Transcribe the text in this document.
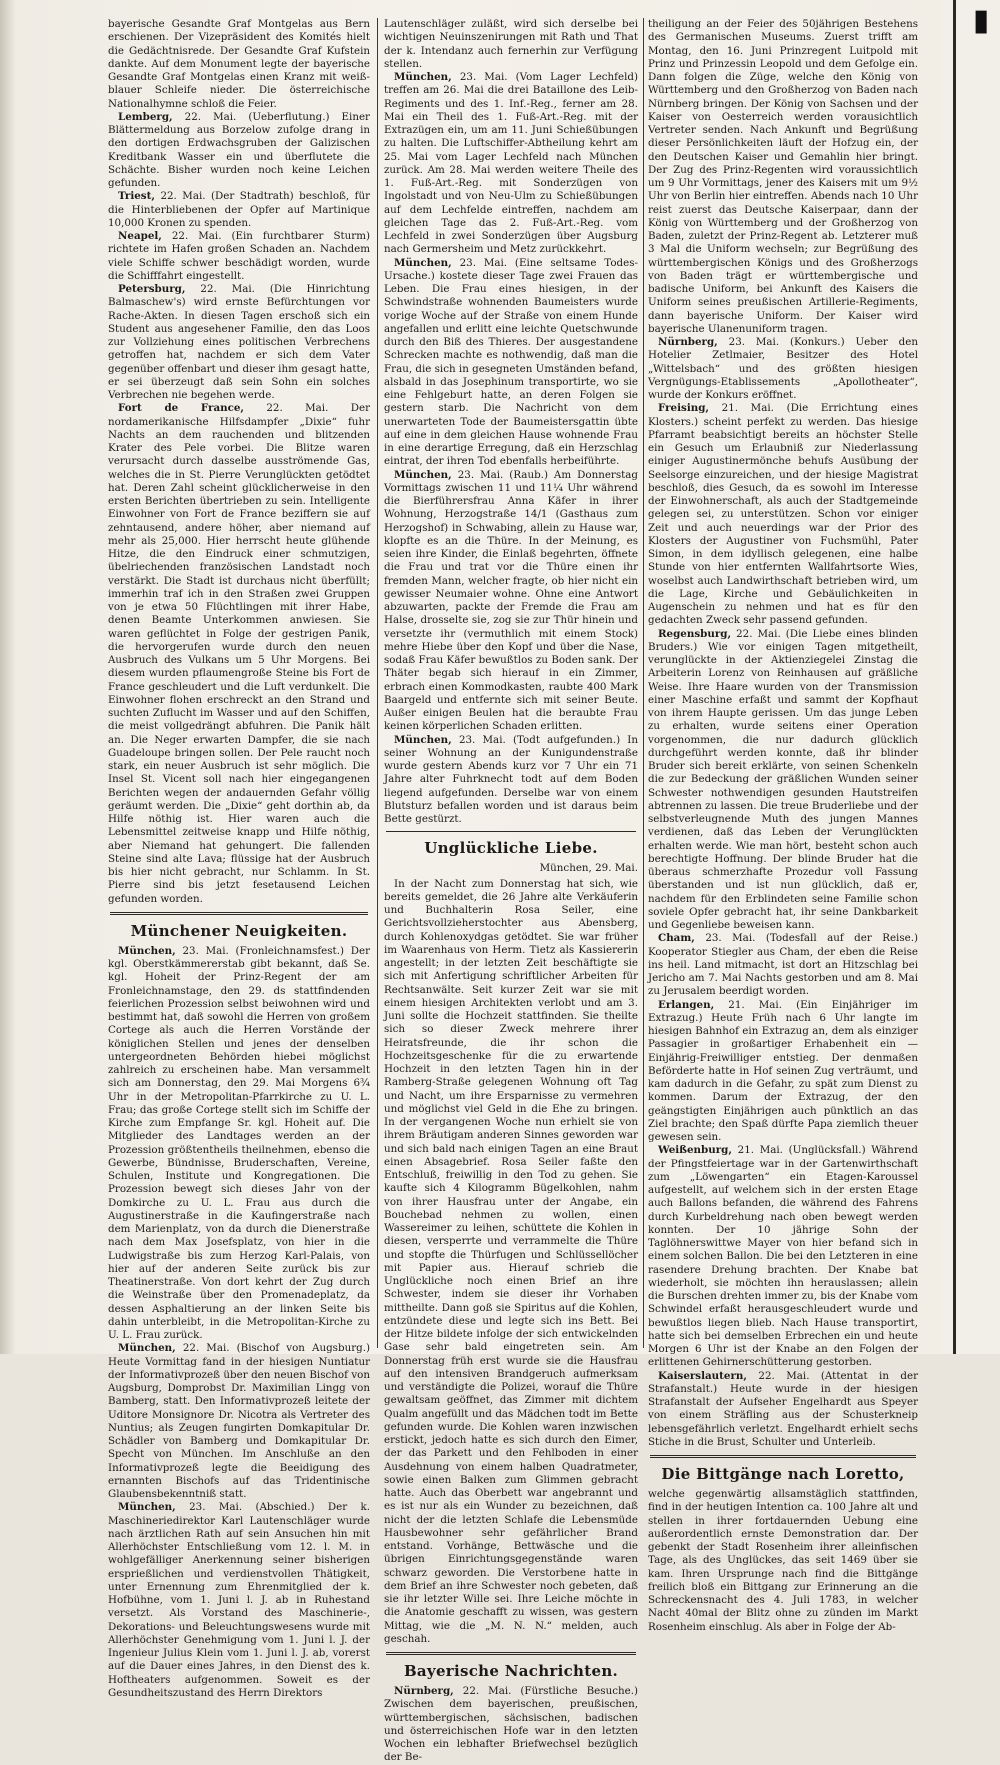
▮

bayerische Gesandte Graf Montgelas aus Bern erschienen. Der Vizepräsident des Komités hielt die Gedächtnisrede. Der Gesandte Graf Kufstein dankte. Auf dem Monument legte der bayerische Gesandte Graf Montgelas einen Kranz mit weiß-blauer Schleife nieder. Die österreichische Nationalhymne schloß die Feier.

Lemberg, 22. Mai. (Ueberflutung.) Einer Blättermeldung aus Borzelow zufolge drang in den dortigen Erdwachsgruben der Galizischen Kreditbank Wasser ein und überflutete die Schächte. Bisher wurden noch keine Leichen gefunden.

Triest, 22. Mai. (Der Stadtrath) beschloß, für die Hinterbliebenen der Opfer auf Martinique 10,000 Kronen zu spenden.

Neapel, 22. Mai. (Ein furchtbarer Sturm) richtete im Hafen großen Schaden an. Nachdem viele Schiffe schwer beschädigt worden, wurde die Schifffahrt eingestellt.

Petersburg, 22. Mai. (Die Hinrichtung Balmaschew's) wird ernste Befürchtungen vor Rache-Akten. In diesen Tagen erschoß sich ein Student aus angesehener Familie, den das Loos zur Vollziehung eines politischen Verbrechens getroffen hat, nachdem er sich dem Vater gegenüber offenbart und dieser ihm gesagt hatte, er sei überzeugt daß sein Sohn ein solches Verbrechen nie begehen werde.

Fort de France, 22. Mai. Der nordamerikanische Hilfsdampfer „Dixie“ fuhr Nachts an dem rauchenden und blitzenden Krater des Pele vorbei. Die Blitze waren verursacht durch dasselbe ausströmende Gas, welches die in St. Pierre Verunglückten getödtet hat. Deren Zahl scheint glücklicherweise in den ersten Berichten übertrieben zu sein. Intelligente Einwohner von Fort de France beziffern sie auf zehntausend, andere höher, aber niemand auf mehr als 25,000. Hier herrscht heute glühende Hitze, die den Eindruck einer schmutzigen, übelriechenden französischen Landstadt noch verstärkt. Die Stadt ist durchaus nicht überfüllt; immerhin traf ich in den Straßen zwei Gruppen von je etwa 50 Flüchtlingen mit ihrer Habe, denen Beamte Unterkommen anwiesen. Sie waren geflüchtet in Folge der gestrigen Panik, die hervorgerufen wurde durch den neuen Ausbruch des Vulkans um 5 Uhr Morgens. Bei diesem wurden pflaumengroße Steine bis Fort de France geschleudert und die Luft verdunkelt. Die Einwohner flohen erschreckt an den Strand und suchten Zuflucht im Wasser und auf den Schiffen, die meist vollgedrängt abfuhren. Die Panik hält an. Die Neger erwarten Dampfer, die sie nach Guadeloupe bringen sollen. Der Pele raucht noch stark, ein neuer Ausbruch ist sehr möglich. Die Insel St. Vicent soll nach hier eingegangenen Berichten wegen der andauernden Gefahr völlig geräumt werden. Die „Dixie“ geht dorthin ab, da Hilfe nöthig ist. Hier waren auch die Lebensmittel zeitweise knapp und Hilfe nöthig, aber Niemand hat gehungert. Die fallenden Steine sind alte Lava; flüssige hat der Ausbruch bis hier nicht gebracht, nur Schlamm. In St. Pierre sind bis jetzt fesetausend Leichen gefunden worden.

Münchener Neuigkeiten.

München, 23. Mai. (Fronleichnamsfest.) Der kgl. Oberstkämmererstab gibt bekannt, daß Se. kgl. Hoheit der Prinz-Regent der am Fronleichnamstage, den 29. ds stattfindenden feierlichen Prozession selbst beiwohnen wird und bestimmt hat, daß sowohl die Herren von großem Cortege als auch die Herren Vorstände der königlichen Stellen und jenes der denselben untergeordneten Behörden hiebei möglichst zahlreich zu erscheinen habe. Man versammelt sich am Donnerstag, den 29. Mai Morgens 6¾ Uhr in der Metropolitan-Pfarrkirche zu U. L. Frau; das große Cortege stellt sich im Schiffe der Kirche zum Empfange Sr. kgl. Hoheit auf. Die Mitglieder des Landtages werden an der Prozession größtentheils theilnehmen, ebenso die Gewerbe, Bündnisse, Bruderschaften, Vereine, Schulen, Institute und Kongregationen. Die Prozession bewegt sich dieses Jahr von der Domkirche zu U. L. Frau aus durch die Augustinerstraße in die Kaufingerstraße nach dem Marienplatz, von da durch die Dienerstraße nach dem Max Josefsplatz, von hier in die Ludwigstraße bis zum Herzog Karl-Palais, von hier auf der anderen Seite zurück bis zur Theatinerstraße. Von dort kehrt der Zug durch die Weinstraße über den Promenadeplatz, da dessen Asphaltierung an der linken Seite bis dahin unterbleibt, in die Metropolitan-Kirche zu U. L. Frau zurück.

München, 22. Mai. (Bischof von Augsburg.) Heute Vormittag fand in der hiesigen Nuntiatur der Informativprozeß über den neuen Bischof von Augsburg, Domprobst Dr. Maximilian Lingg von Bamberg, statt. Den Informativprozeß leitete der Uditore Monsignore Dr. Nicotra als Vertreter des Nuntius; als Zeugen fungirten Domkapitular Dr. Schädler von Bamberg und Domkapitular Dr. Specht von München. Im Anschluße an den Informativprozeß legte die Beeidigung des ernannten Bischofs auf das Tridentinische Glaubensbekenntniß statt.

München, 23. Mai. (Abschied.) Der k. Maschineriedirektor Karl Lautenschläger wurde nach ärztlichen Rath auf sein Ansuchen hin mit Allerhöchster Entschließung vom 12. l. M. in wohlgefälliger Anerkennung seiner bisherigen ersprießlichen und verdienstvollen Thätigkeit, unter Ernennung zum Ehrenmitglied der k. Hofbühne, vom 1. Juni l. J. ab in Ruhestand versetzt. Als Vorstand des Maschinerie-, Dekorations- und Beleuchtungswesens wurde mit Allerhöchster Genehmigung vom 1. Juni l. J. der Ingenieur Julius Klein vom 1. Juni l. J. ab, vorerst auf die Dauer eines Jahres, in den Dienst des k. Hoftheaters aufgenommen. Soweit es der Gesundheitszustand des Herrn Direktors

Lautenschläger zuläßt, wird sich derselbe bei wichtigen Neuinszenirungen mit Rath und That der k. Intendanz auch fernerhin zur Verfügung stellen.

München, 23. Mai. (Vom Lager Lechfeld) treffen am 26. Mai die drei Bataillone des Leib-Regiments und des 1. Inf.-Reg., ferner am 28. Mai ein Theil des 1. Fuß-Art.-Reg. mit der Extrazügen ein, um am 11. Juni Schießübungen zu halten. Die Luftschiffer-Abtheilung kehrt am 25. Mai vom Lager Lechfeld nach München zurück. Am 28. Mai werden weitere Theile des 1. Fuß-Art.-Reg. mit Sonderzügen von Ingolstadt und von Neu-Ulm zu Schießübungen auf dem Lechfelde eintreffen, nachdem am gleichen Tage das 2. Fuß-Art.-Reg. vom Lechfeld in zwei Sonderzügen über Augsburg nach Germersheim und Metz zurückkehrt.

München, 23. Mai. (Eine seltsame Todes-Ursache.) kostete dieser Tage zwei Frauen das Leben. Die Frau eines hiesigen, in der Schwindstraße wohnenden Baumeisters wurde vorige Woche auf der Straße von einem Hunde angefallen und erlitt eine leichte Quetschwunde durch den Biß des Thieres. Der ausgestandene Schrecken machte es nothwendig, daß man die Frau, die sich in gesegneten Umständen befand, alsbald in das Josephinum transportirte, wo sie eine Fehlgeburt hatte, an deren Folgen sie gestern starb. Die Nachricht von dem unerwarteten Tode der Baumeistersgattin übte auf eine in dem gleichen Hause wohnende Frau in eine derartige Erregung, daß ein Herzschlag eintrat, der ihren Tod ebenfalls herbeiführte.

München, 23. Mai. (Raub.) Am Donnerstag Vormittags zwischen 11 und 11¼ Uhr während die Bierführersfrau Anna Käfer in ihrer Wohnung, Herzogstraße 14/1 (Gasthaus zum Herzogshof) in Schwabing, allein zu Hause war, klopfte es an die Thüre. In der Meinung, es seien ihre Kinder, die Einlaß begehrten, öffnete die Frau und trat vor die Thüre einen ihr fremden Mann, welcher fragte, ob hier nicht ein gewisser Neumaier wohne. Ohne eine Antwort abzuwarten, packte der Fremde die Frau am Halse, drosselte sie, zog sie zur Thür hinein und versetzte ihr (vermuthlich mit einem Stock) mehre Hiebe über den Kopf und über die Nase, sodaß Frau Käfer bewußtlos zu Boden sank. Der Thäter begab sich hierauf in ein Zimmer, erbrach einen Kommodkasten, raubte 400 Mark Baargeld und entfernte sich mit seiner Beute. Außer einigen Beulen hat die beraubte Frau keinen körperlichen Schaden erlitten.

München, 23. Mai. (Todt aufgefunden.) In seiner Wohnung an der Kunigundenstraße wurde gestern Abends kurz vor 7 Uhr ein 71 Jahre alter Fuhrknecht todt auf dem Boden liegend aufgefunden. Derselbe war von einem Blutsturz befallen worden und ist daraus beim Bette gestürzt.

Unglückliche Liebe.
München, 29. Mai.

In der Nacht zum Donnerstag hat sich, wie bereits gemeldet, die 26 Jahre alte Verkäuferin und Buchhalterin Rosa Seiler, eine Gerichtsvollzieherstochter aus Abensberg, durch Kohlenoxydgas getödtet. Sie war früher im Waarenhaus von Herm. Tietz als Kassiererin angestellt; in der letzten Zeit beschäftigte sie sich mit Anfertigung schriftlicher Arbeiten für Rechtsanwälte. Seit kurzer Zeit war sie mit einem hiesigen Architekten verlobt und am 3. Juni sollte die Hochzeit stattfinden. Sie theilte sich so dieser Zweck mehrere ihrer Heiratsfreunde, die ihr schon die Hochzeitsgeschenke für die zu erwartende Hochzeit in den letzten Tagen hin in der Ramberg-Straße gelegenen Wohnung oft Tag und Nacht, um ihre Ersparnisse zu vermehren und möglichst viel Geld in die Ehe zu bringen. In der vergangenen Woche nun erhielt sie von ihrem Bräutigam anderen Sinnes geworden war und sich bald nach einigen Tagen an eine Braut einen Absagebrief. Rosa Seiler faßte den Entschluß, freiwillig in den Tod zu gehen. Sie kaufte sich 4 Kilogramm Bügelkohlen, nahm von ihrer Hausfrau unter der Angabe, ein Bouchebad nehmen zu wollen, einen Wassereimer zu leihen, schüttete die Kohlen in diesen, versperrte und verrammelte die Thüre und stopfte die Thürfugen und Schlüssellöcher mit Papier aus. Hierauf schrieb die Unglückliche noch einen Brief an ihre Schwester, indem sie dieser ihr Vorhaben mittheilte. Dann goß sie Spiritus auf die Kohlen, entzündete diese und legte sich ins Bett. Bei der Hitze bildete infolge der sich entwickelnden Gase sehr bald eingetreten sein. Am Donnerstag früh erst wurde sie die Hausfrau auf den intensiven Brandgeruch aufmerksam und verständigte die Polizei, worauf die Thüre gewaltsam geöffnet, das Zimmer mit dichtem Qualm angefüllt und das Mädchen todt im Bette gefunden wurde. Die Kohlen waren inzwischen erstickt, jedoch hatte es sich durch den Eimer, der das Parkett und den Fehlboden in einer Ausdehnung von einem halben Quadratmeter, sowie einen Balken zum Glimmen gebracht hatte. Auch das Oberbett war angebrannt und es ist nur als ein Wunder zu bezeichnen, daß nicht der die letzten Schlafe die Lebensmüde Hausbewohner sehr gefährlicher Brand entstand. Vorhänge, Bettwäsche und die übrigen Einrichtungsgegenstände waren schwarz geworden. Die Verstorbene hatte in dem Brief an ihre Schwester noch gebeten, daß sie ihr letzter Wille sei. Ihre Leiche möchte in die Anatomie geschafft zu wissen, was gestern Mittag, wie die „M. N. N.“ melden, auch geschah.

Bayerische Nachrichten.

Nürnberg, 22. Mai. (Fürstliche Besuche.) Zwischen dem bayerischen, preußischen, württembergischen, sächsischen, badischen und österreichischen Hofe war in den letzten Wochen ein lebhafter Briefwechsel bezüglich der Be-

theiligung an der Feier des 50jährigen Bestehens des Germanischen Museums. Zuerst trifft am Montag, den 16. Juni Prinzregent Luitpold mit Prinz und Prinzessin Leopold und dem Gefolge ein. Dann folgen die Züge, welche den König von Württemberg und den Großherzog von Baden nach Nürnberg bringen. Der König von Sachsen und der Kaiser von Oesterreich werden vorausichtlich Vertreter senden. Nach Ankunft und Begrüßung dieser Persönlichkeiten läuft der Hofzug ein, der den Deutschen Kaiser und Gemahlin hier bringt. Der Zug des Prinz-Regenten wird voraussichtlich um 9 Uhr Vormittags, jener des Kaisers mit um 9½ Uhr von Berlin hier eintreffen. Abends nach 10 Uhr reist zuerst das Deutsche Kaiserpaar, dann der König von Württemberg und der Großherzog von Baden, zuletzt der Prinz-Regent ab. Letzterer muß 3 Mal die Uniform wechseln; zur Begrüßung des württembergischen Königs und des Großherzogs von Baden trägt er württembergische und badische Uniform, bei Ankunft des Kaisers die Uniform seines preußischen Artillerie-Regiments, dann bayerische Uniform. Der Kaiser wird bayerische Ulanenuniform tragen.

Nürnberg, 23. Mai. (Konkurs.) Ueber den Hotelier Zetlmaier, Besitzer des Hotel „Wittelsbach“ und des größten hiesigen Vergnügungs-Etablissements „Apollotheater“, wurde der Konkurs eröffnet.

Freising, 21. Mai. (Die Errichtung eines Klosters.) scheint perfekt zu werden. Das hiesige Pfarramt beabsichtigt bereits an höchster Stelle ein Gesuch um Erlaubniß zur Niederlassung einiger Augustinermönche behufs Ausübung der Seelsorge einzureichen, und der hiesige Magistrat beschloß, dies Gesuch, da es sowohl im Interesse der Einwohnerschaft, als auch der Stadtgemeinde gelegen sei, zu unterstützen. Schon vor einiger Zeit und auch neuerdings war der Prior des Klosters der Augustiner von Fuchsmühl, Pater Simon, in dem idyllisch gelegenen, eine halbe Stunde von hier entfernten Wallfahrtsorte Wies, woselbst auch Landwirthschaft betrieben wird, um die Lage, Kirche und Gebäulichkeiten in Augenschein zu nehmen und hat es für den gedachten Zweck sehr passend gefunden.

Regensburg, 22. Mai. (Die Liebe eines blinden Bruders.) Wie vor einigen Tagen mitgetheilt, verunglückte in der Aktienziegelei Zinstag die Arbeiterin Lorenz von Reinhausen auf gräßliche Weise. Ihre Haare wurden von der Transmission einer Maschine erfaßt und sammt der Kopfhaut von ihrem Haupte gerissen. Um das junge Leben zu erhalten, wurde seitens einer Operation vorgenommen, die nur dadurch glücklich durchgeführt werden konnte, daß ihr blinder Bruder sich bereit erklärte, von seinen Schenkeln die zur Bedeckung der gräßlichen Wunden seiner Schwester nothwendigen gesunden Hautstreifen abtrennen zu lassen. Die treue Bruderliebe und der selbstverleugnende Muth des jungen Mannes verdienen, daß das Leben der Verunglückten erhalten werde. Wie man hört, besteht schon auch berechtigte Hoffnung. Der blinde Bruder hat die überaus schmerzhafte Prozedur voll Fassung überstanden und ist nun glücklich, daß er, nachdem für den Erblindeten seine Familie schon soviele Opfer gebracht hat, ihr seine Dankbarkeit und Gegenliebe beweisen kann.

Cham, 23. Mai. (Todesfall auf der Reise.) Kooperator Stiegler aus Cham, der eben die Reise ins heil. Land mitmacht, ist dort an Hitzschlag bei Jericho am 7. Mai Nachts gestorben und am 8. Mai zu Jerusalem beerdigt worden.

Erlangen, 21. Mai. (Ein Einjähriger im Extrazug.) Heute Früh nach 6 Uhr langte im hiesigen Bahnhof ein Extrazug an, dem als einziger Passagier in großartiger Erhabenheit ein — Einjährig-Freiwilliger entstieg. Der denmaßen Beförderte hatte in Hof seinen Zug verträumt, und kam dadurch in die Gefahr, zu spät zum Dienst zu kommen. Darum der Extrazug, der den geängstigten Einjährigen auch pünktlich an das Ziel brachte; den Spaß dürfte Papa ziemlich theuer gewesen sein.

Weißenburg, 21. Mai. (Unglücksfall.) Während der Pfingstfeiertage war in der Gartenwirthschaft zum „Löwengarten“ ein Etagen-Karoussel aufgestellt, auf welchem sich in der ersten Etage auch Ballons befanden, die während des Fahrens durch Kurbeldrehung nach oben bewegt werden konnten. Der 10 jährige Sohn der Taglöhnerswittwe Mayer von hier befand sich in einem solchen Ballon. Die bei den Letzteren in eine rasendere Drehung brachten. Der Knabe bat wiederholt, sie möchten ihn herauslassen; allein die Burschen drehten immer zu, bis der Knabe vom Schwindel erfaßt herausgeschleudert wurde und bewußtlos liegen blieb. Nach Hause transportirt, hatte sich bei demselben Erbrechen ein und heute Morgen 6 Uhr ist der Knabe an den Folgen der erlittenen Gehirnerschütterung gestorben.

Kaiserslautern, 22. Mai. (Attentat in der Strafanstalt.) Heute wurde in der hiesigen Strafanstalt der Aufseher Engelhardt aus Speyer von einem Sträfling aus der Schusterkneip lebensgefährlich verletzt. Engelhardt erhielt sechs Stiche in die Brust, Schulter und Unterleib.

Die Bittgänge nach Loretto,

welche gegenwärtig allsamstäglich stattfinden, find in der heutigen Intention ca. 100 Jahre alt und stellen in ihrer fortdauernden Uebung eine außerordentlich ernste Demonstration dar. Der gebenkt der Stadt Rosenheim ihrer alleinfischen Tage, als des Unglückes, das seit 1469 über sie kam. Ihren Ursprunge nach find die Bittgänge freilich bloß ein Bittgang zur Erinnerung an die Schreckensnacht des 4. Juli 1783, in welcher Nacht 40mal der Blitz ohne zu zünden im Markt Rosenheim einschlug. Als aber in Folge der Ab-
